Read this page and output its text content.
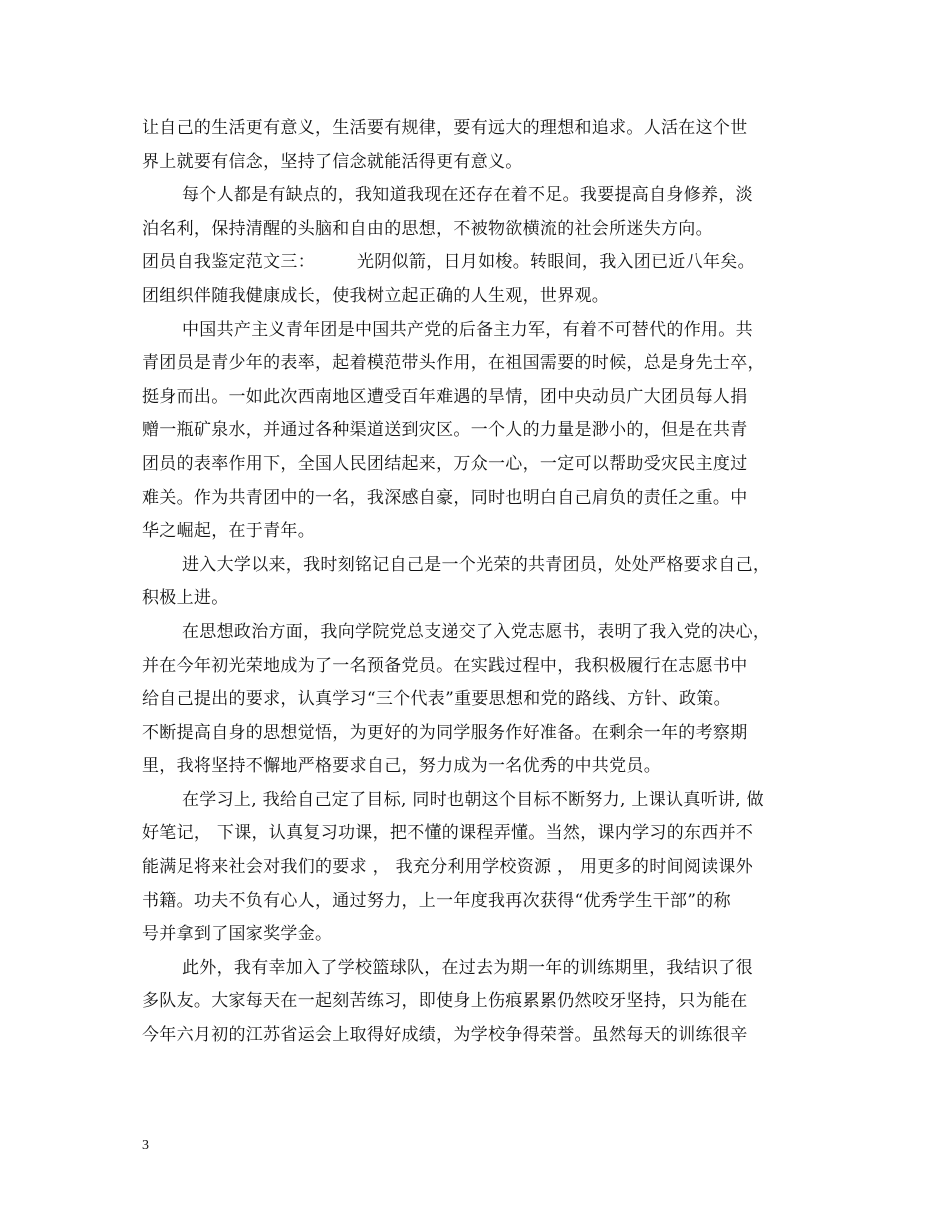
让自己的生活更有意义，生活要有规律，要有远大的理想和追求。人活在这个世
界上就要有信念，坚持了信念就能活得更有意义。
每个人都是有缺点的，我知道我现在还存在着不足。我要提高自身修养，淡
泊名利，保持清醒的头脑和自由的思想，不被物欲横流的社会所迷失方向。
团员自我鉴定范文三： 光阴似箭，日月如梭。转眼间，我入团已近八年矣。
团组织伴随我健康成长，使我树立起正确的人生观，世界观。
中国共产主义青年团是中国共产党的后备主力军，有着不可替代的作用。共
青团员是青少年的表率，起着模范带头作用，在祖国需要的时候，总是身先士卒，
挺身而出。一如此次西南地区遭受百年难遇的旱情，团中央动员广大团员每人捐
赠一瓶矿泉水，并通过各种渠道送到灾区。一个人的力量是渺小的，但是在共青
团员的表率作用下，全国人民团结起来，万众一心，一定可以帮助受灾民主度过
难关。作为共青团中的一名，我深感自豪，同时也明白自己肩负的责任之重。中
华之崛起，在于青年。
进入大学以来，我时刻铭记自己是一个光荣的共青团员，处处严格要求自己，
积极上进。
在思想政治方面，我向学院党总支递交了入党志愿书，表明了我入党的决心，
并在今年初光荣地成为了一名预备党员。在实践过程中，我积极履行在志愿书中
给自己提出的要求，认真学习“三个代表”重要思想和党的路线、方针、政策。
不断提高自身的思想觉悟，为更好的为同学服务作好准备。在剩余一年的考察期
里，我将坚持不懈地严格要求自己，努力成为一名优秀的中共党员。
在学习上, 我给自己定了目标, 同时也朝这个目标不断努力, 上课认真听讲, 做
好笔记， 下课，认真复习功课，把不懂的课程弄懂。当然，课内学习的东西并不
能满足将来社会对我们的要求 ， 我充分利用学校资源 ， 用更多的时间阅读课外
书籍。功夫不负有心人，通过努力，上一年度我再次获得“优秀学生干部”的称
号并拿到了国家奖学金。
此外，我有幸加入了学校篮球队，在过去为期一年的训练期里，我结识了很
多队友。大家每天在一起刻苦练习，即使身上伤痕累累仍然咬牙坚持，只为能在
今年六月初的江苏省运会上取得好成绩，为学校争得荣誉。虽然每天的训练很辛
3
